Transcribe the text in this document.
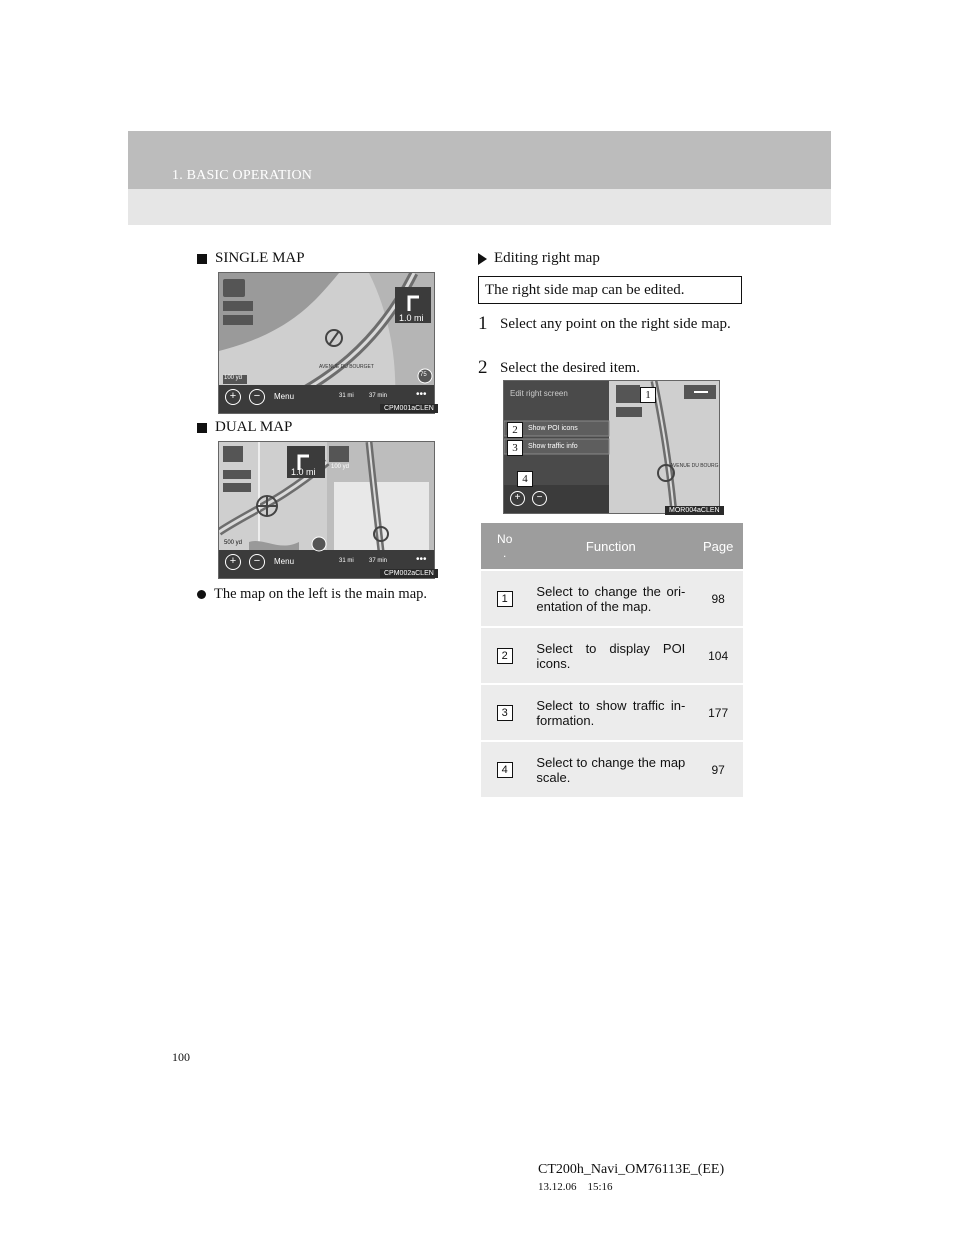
1. BASIC OPERATION
SINGLE MAP
1.0 mi
100 yd	75
AVENUE DU BOURGET
+	−	Menu	31 mi	37 min	•••
CPM001aCLEN
DUAL MAP
1.0 mi
500 yd
100 yd
+	−	Menu	31 mi	37 min	•••
CPM002aCLEN
The map on the left is the main map.
Editing right map
The right side map can be edited.
1 Select any point on the right side map.
2 Select the desired item.
Edit right screen
Show POI icons
Show traffic info
AVENUE DU BOURG
+	−
1
2
3
4
MOR004aCLEN
No
.	Function	Page
1	Select to change the ori- entation of the map.	98
2	Select to display POI icons.	104
3	Select to show traffic in- formation.	177
4	Select to change the map scale.	97
100
CT200h_Navi_OM76113E_(EE)
13.12.06    15:16
